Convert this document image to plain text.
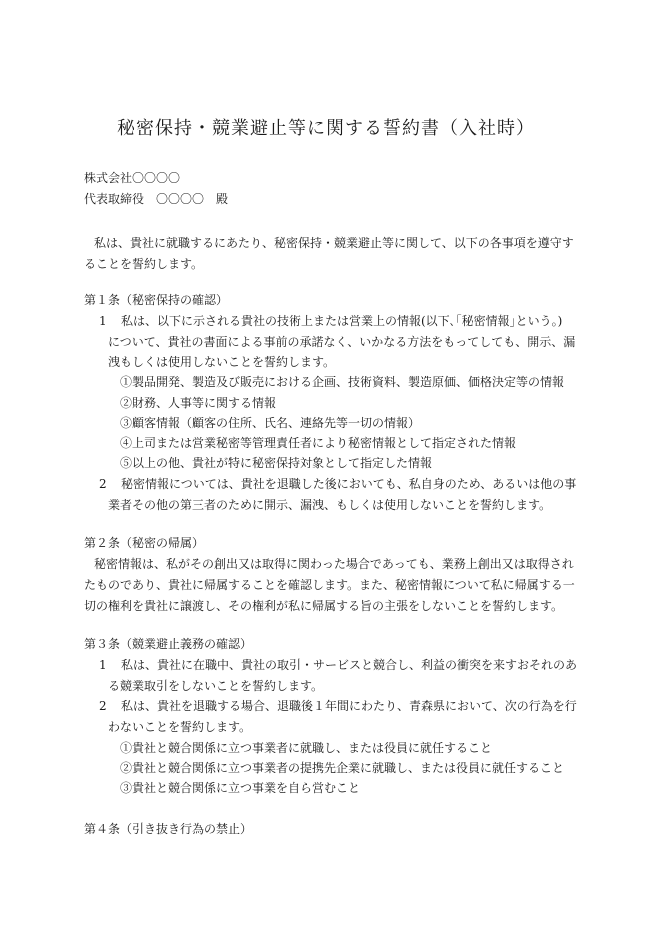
秘密保持・競業避止等に関する誓約書（入社時）
株式会社〇〇〇〇
代表取締役　〇〇〇〇　殿
私は、貴社に就職するにあたり、秘密保持・競業避止等に関して、以下の各事項を遵守す
ることを誓約します。
第１条（秘密保持の確認）
1 私は、以下に示される貴社の技術上または営業上の情報(以下､｢秘密情報｣という。)
について、貴社の書面による事前の承諾なく、いかなる方法をもってしても、開示、漏
洩もしくは使用しないことを誓約します。
①製品開発、製造及び販売における企画、技術資料、製造原価、価格決定等の情報
②財務、人事等に関する情報
③顧客情報（顧客の住所、氏名、連絡先等一切の情報）
④上司または営業秘密等管理責任者により秘密情報として指定された情報
⑤以上の他、貴社が特に秘密保持対象として指定した情報
2 秘密情報については、貴社を退職した後においても、私自身のため、あるいは他の事
業者その他の第三者のために開示、漏洩、もしくは使用しないことを誓約します。
第２条（秘密の帰属）
秘密情報は、私がその創出又は取得に関わった場合であっても、業務上創出又は取得され
たものであり、貴社に帰属することを確認します。また、秘密情報について私に帰属する一
切の権利を貴社に譲渡し、その権利が私に帰属する旨の主張をしないことを誓約します。
第３条（競業避止義務の確認）
1 私は、貴社に在職中、貴社の取引・サービスと競合し、利益の衝突を来すおそれのあ
る競業取引をしないことを誓約します。
2 私は、貴社を退職する場合、退職後１年間にわたり、青森県において、次の行為を行
わないことを誓約します。
①貴社と競合関係に立つ事業者に就職し、または役員に就任すること
②貴社と競合関係に立つ事業者の提携先企業に就職し、または役員に就任すること
③貴社と競合関係に立つ事業を自ら営むこと
第４条（引き抜き行為の禁止）
